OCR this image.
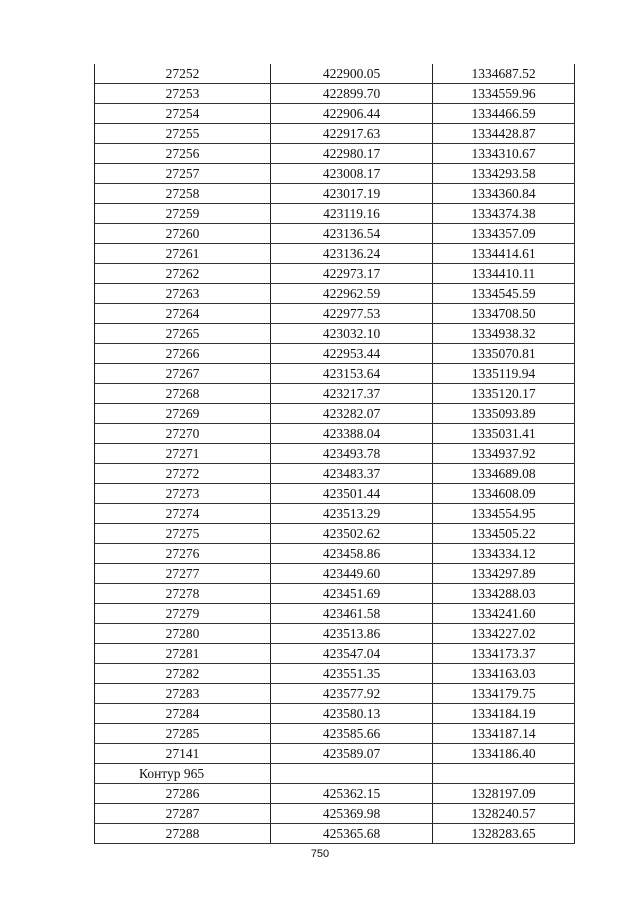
27252	422900.05	1334687.52
27253	422899.70	1334559.96
27254	422906.44	1334466.59
27255	422917.63	1334428.87
27256	422980.17	1334310.67
27257	423008.17	1334293.58
27258	423017.19	1334360.84
27259	423119.16	1334374.38
27260	423136.54	1334357.09
27261	423136.24	1334414.61
27262	422973.17	1334410.11
27263	422962.59	1334545.59
27264	422977.53	1334708.50
27265	423032.10	1334938.32
27266	422953.44	1335070.81
27267	423153.64	1335119.94
27268	423217.37	1335120.17
27269	423282.07	1335093.89
27270	423388.04	1335031.41
27271	423493.78	1334937.92
27272	423483.37	1334689.08
27273	423501.44	1334608.09
27274	423513.29	1334554.95
27275	423502.62	1334505.22
27276	423458.86	1334334.12
27277	423449.60	1334297.89
27278	423451.69	1334288.03
27279	423461.58	1334241.60
27280	423513.86	1334227.02
27281	423547.04	1334173.37
27282	423551.35	1334163.03
27283	423577.92	1334179.75
27284	423580.13	1334184.19
27285	423585.66	1334187.14
27141	423589.07	1334186.40
Контур 965		
27286	425362.15	1328197.09
27287	425369.98	1328240.57
27288	425365.68	1328283.65
750
